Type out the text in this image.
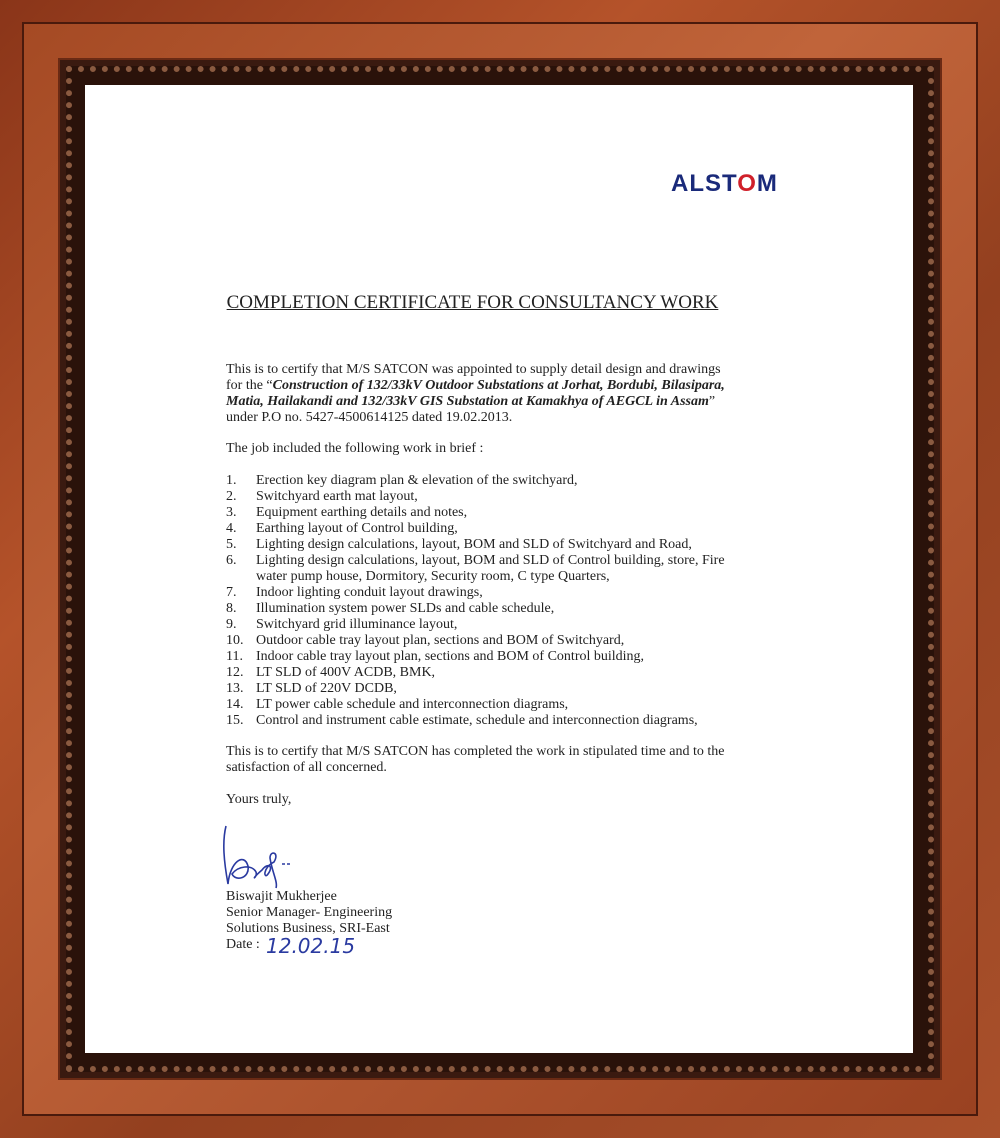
ALSTOM
COMPLETION CERTIFICATE FOR CONSULTANCY WORK
This is to certify that M/S SATCON was appointed to supply detail design and drawings for the “Construction of 132/33kV Outdoor Substations at Jorhat, Bordubi, Bilasipara, Matia, Hailakandi and 132/33kV GIS Substation at Kamakhya of AEGCL in Assam” under P.O no. 5427-4500614125 dated 19.02.2013.
The job included the following work in brief :
1.	Erection key diagram plan & elevation of the switchyard,
2.	Switchyard earth mat layout,
3.	Equipment earthing details and notes,
4.	Earthing layout of Control building,
5.	Lighting design calculations, layout, BOM and SLD of Switchyard and Road,
6.	Lighting design calculations, layout, BOM and SLD of Control building, store, Fire water pump house, Dormitory, Security room, C type Quarters,
7.	Indoor lighting conduit layout drawings,
8.	Illumination system power SLDs and cable schedule,
9.	Switchyard grid illuminance layout,
10. Outdoor cable tray layout plan, sections and BOM of Switchyard,
11. Indoor cable tray layout plan, sections and BOM of Control building,
12. LT SLD of 400V ACDB, BMK,
13. LT SLD of 220V DCDB,
14. LT power cable schedule and interconnection diagrams,
15. Control and instrument cable estimate, schedule and interconnection diagrams,
This is to certify that M/S SATCON has completed the work in stipulated time and to the satisfaction of all concerned.
Yours truly,
Biswajit Mukherjee
Senior Manager- Engineering
Solutions Business, SRI-East
Date : 12.02.15
